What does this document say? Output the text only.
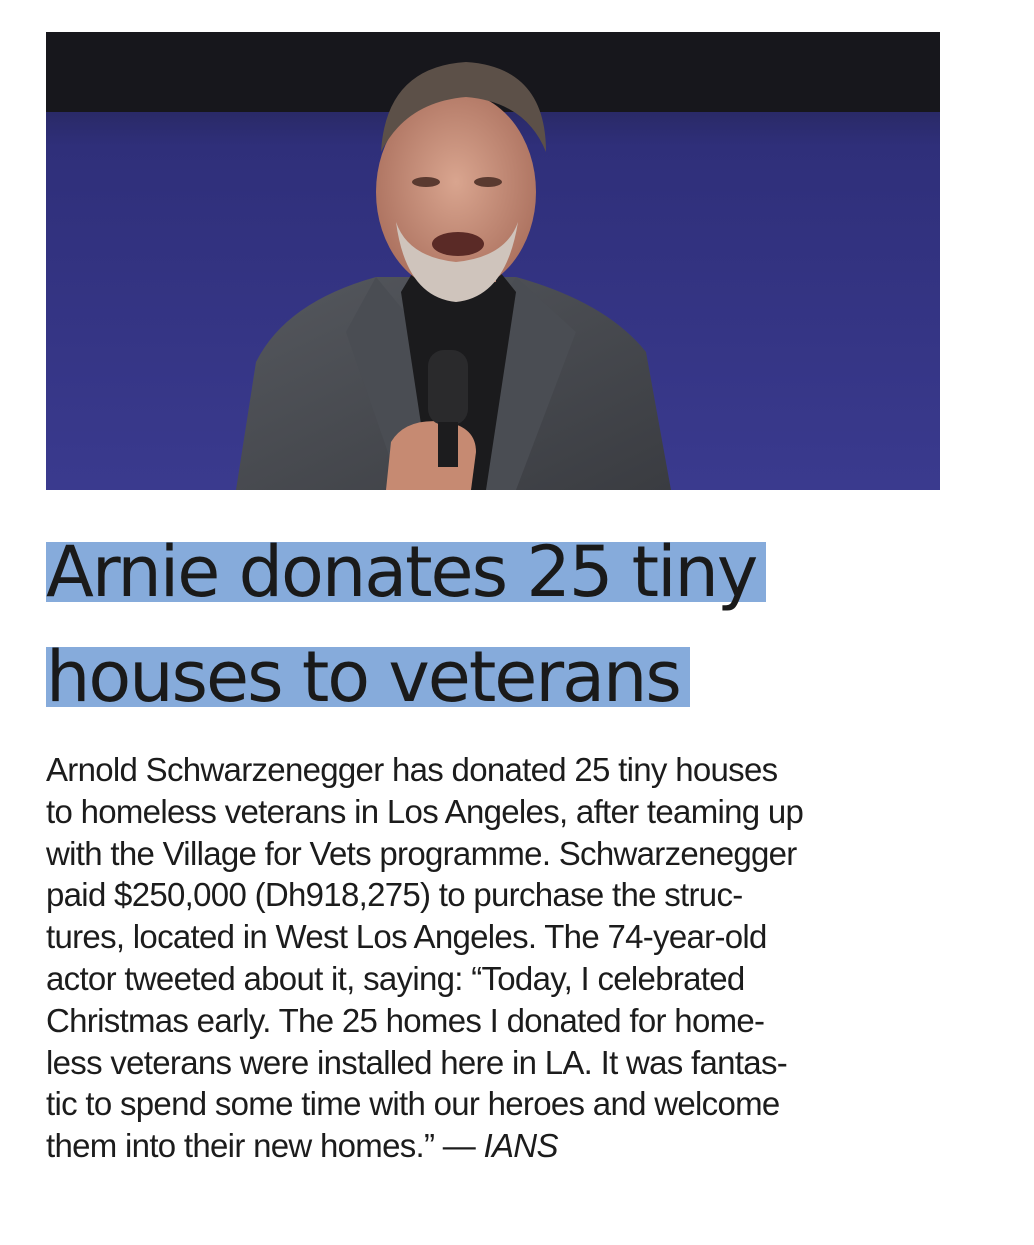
Arnie donates 25 tiny
houses to veterans

Arnold Schwarzenegger has donated 25 tiny houses
to homeless veterans in Los Angeles, after teaming up
with the Village for Vets programme. Schwarzenegger
paid $250,000 (Dh918,275) to purchase the struc-
tures, located in West Los Angeles. The 74-year-old
actor tweeted about it, saying: “Today, I celebrated
Christmas early. The 25 homes I donated for home-
less veterans were installed here in LA. It was fantas-
tic to spend some time with our heroes and welcome
them into their new homes.” — IANS
